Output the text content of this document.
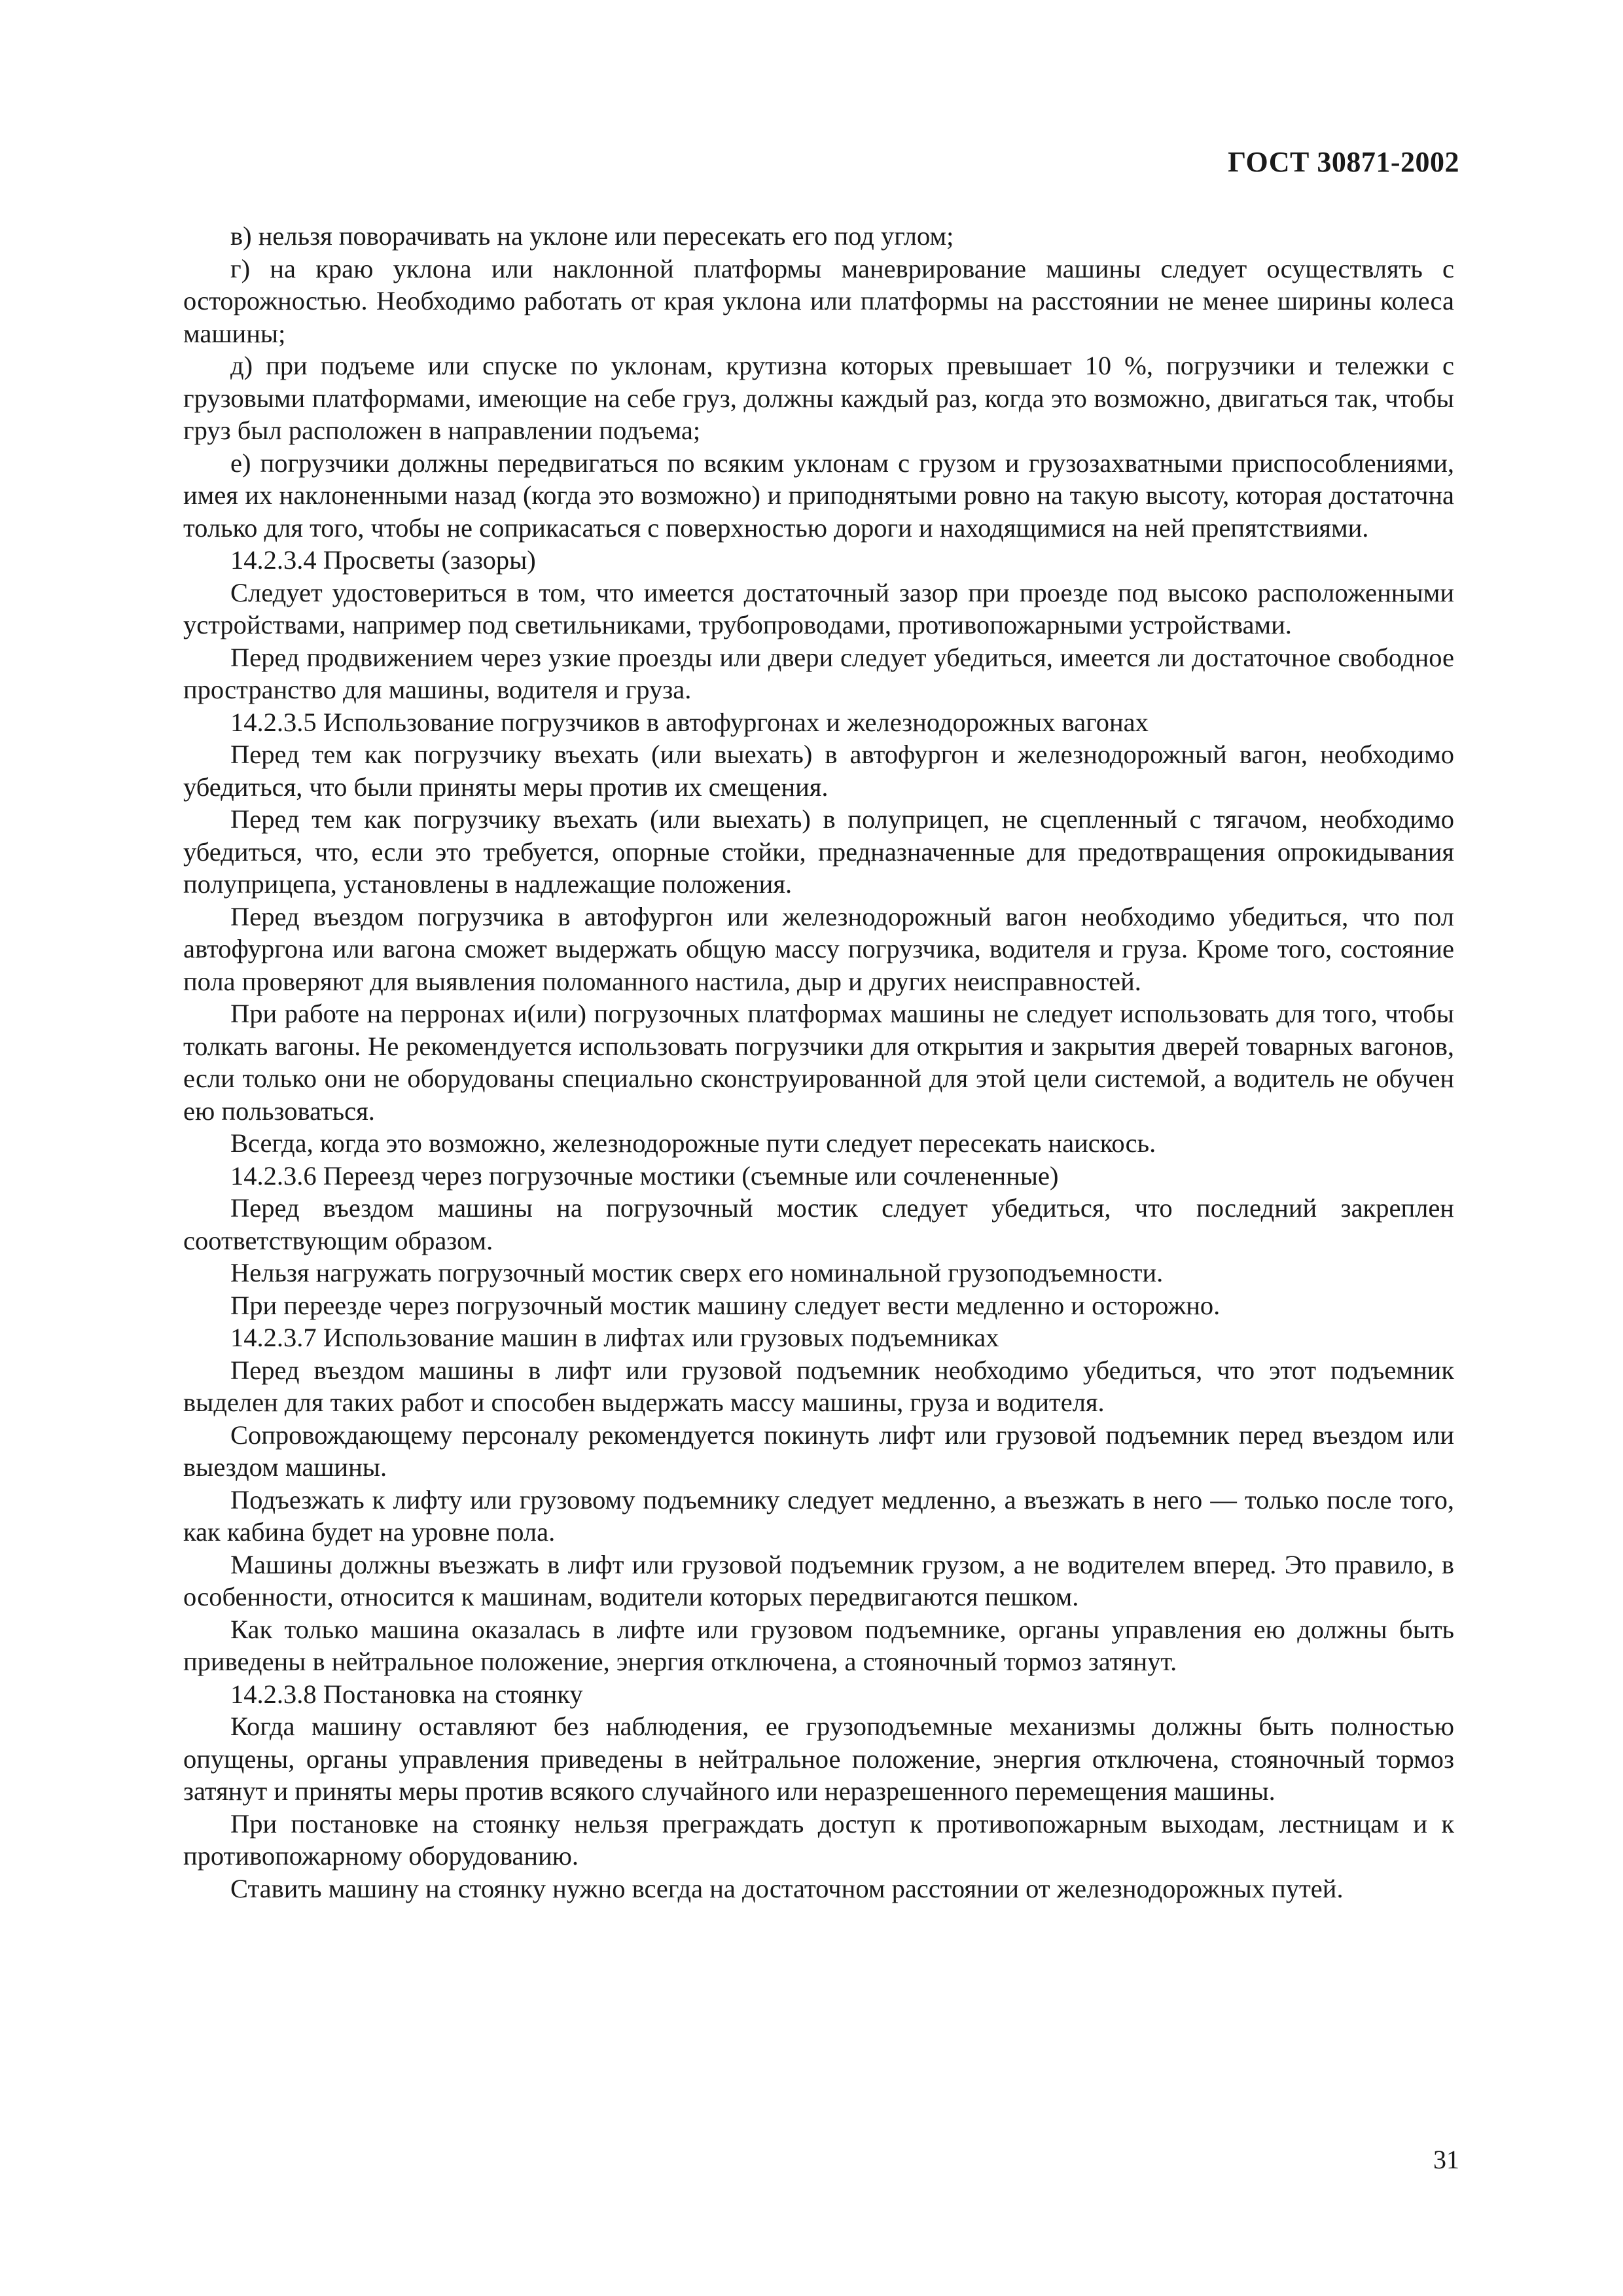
ГОСТ 30871-2002

в) нельзя поворачивать на уклоне или пересекать его под углом;

г) на краю уклона или наклонной платформы маневрирование машины следует осуществлять с осторожностью. Необходимо работать от края уклона или платформы на расстоянии не менее ширины колеса машины;

д) при подъеме или спуске по уклонам, крутизна которых превышает 10 %, погрузчики и тележки с грузовыми платформами, имеющие на себе груз, должны каждый раз, когда это возможно, двигаться так, чтобы груз был расположен в направлении подъема;

е) погрузчики должны передвигаться по всяким уклонам с грузом и грузозахватными приспособлениями, имея их наклоненными назад (когда это возможно) и приподнятыми ровно на такую высоту, которая достаточна только для того, чтобы не соприкасаться с поверхностью дороги и находящимися на ней препятствиями.

14.2.3.4 Просветы (зазоры)

Следует удостовериться в том, что имеется достаточный зазор при проезде под высоко расположенными устройствами, например под светильниками, трубопроводами, противопожарными устройствами.

Перед продвижением через узкие проезды или двери следует убедиться, имеется ли достаточное свободное пространство для машины, водителя и груза.

14.2.3.5 Использование погрузчиков в автофургонах и железнодорожных вагонах

Перед тем как погрузчику въехать (или выехать) в автофургон и железнодорожный вагон, необходимо убедиться, что были приняты меры против их смещения.

Перед тем как погрузчику въехать (или выехать) в полуприцеп, не сцепленный с тягачом, необходимо убедиться, что, если это требуется, опорные стойки, предназначенные для предотвращения опрокидывания полуприцепа, установлены в надлежащие положения.

Перед въездом погрузчика в автофургон или железнодорожный вагон необходимо убедиться, что пол автофургона или вагона сможет выдержать общую массу погрузчика, водителя и груза. Кроме того, состояние пола проверяют для выявления поломанного настила, дыр и других неисправностей.

При работе на перронах и(или) погрузочных платформах машины не следует использовать для того, чтобы толкать вагоны. Не рекомендуется использовать погрузчики для открытия и закрытия дверей товарных вагонов, если только они не оборудованы специально сконструированной для этой цели системой, а водитель не обучен ею пользоваться.

Всегда, когда это возможно, железнодорожные пути следует пересекать наискось.

14.2.3.6 Переезд через погрузочные мостики (съемные или сочлененные)

Перед въездом машины на погрузочный мостик следует убедиться, что последний закреплен соответствующим образом.

Нельзя нагружать погрузочный мостик сверх его номинальной грузоподъемности.

При переезде через погрузочный мостик машину следует вести медленно и осторожно.

14.2.3.7 Использование машин в лифтах или грузовых подъемниках

Перед въездом машины в лифт или грузовой подъемник необходимо убедиться, что этот подъемник выделен для таких работ и способен выдержать массу машины, груза и водителя.

Сопровождающему персоналу рекомендуется покинуть лифт или грузовой подъемник перед въездом или выездом машины.

Подъезжать к лифту или грузовому подъемнику следует медленно, а въезжать в него — только после того, как кабина будет на уровне пола.

Машины должны въезжать в лифт или грузовой подъемник грузом, а не водителем вперед. Это правило, в особенности, относится к машинам, водители которых передвигаются пешком.

Как только машина оказалась в лифте или грузовом подъемнике, органы управления ею должны быть приведены в нейтральное положение, энергия отключена, а стояночный тормоз затянут.

14.2.3.8 Постановка на стоянку

Когда машину оставляют без наблюдения, ее грузоподъемные механизмы должны быть полностью опущены, органы управления приведены в нейтральное положение, энергия отключена, стояночный тормоз затянут и приняты меры против всякого случайного или неразрешенного перемещения машины.

При постановке на стоянку нельзя преграждать доступ к противопожарным выходам, лестницам и к противопожарному оборудованию.

Ставить машину на стоянку нужно всегда на достаточном расстоянии от железнодорожных путей.

31
